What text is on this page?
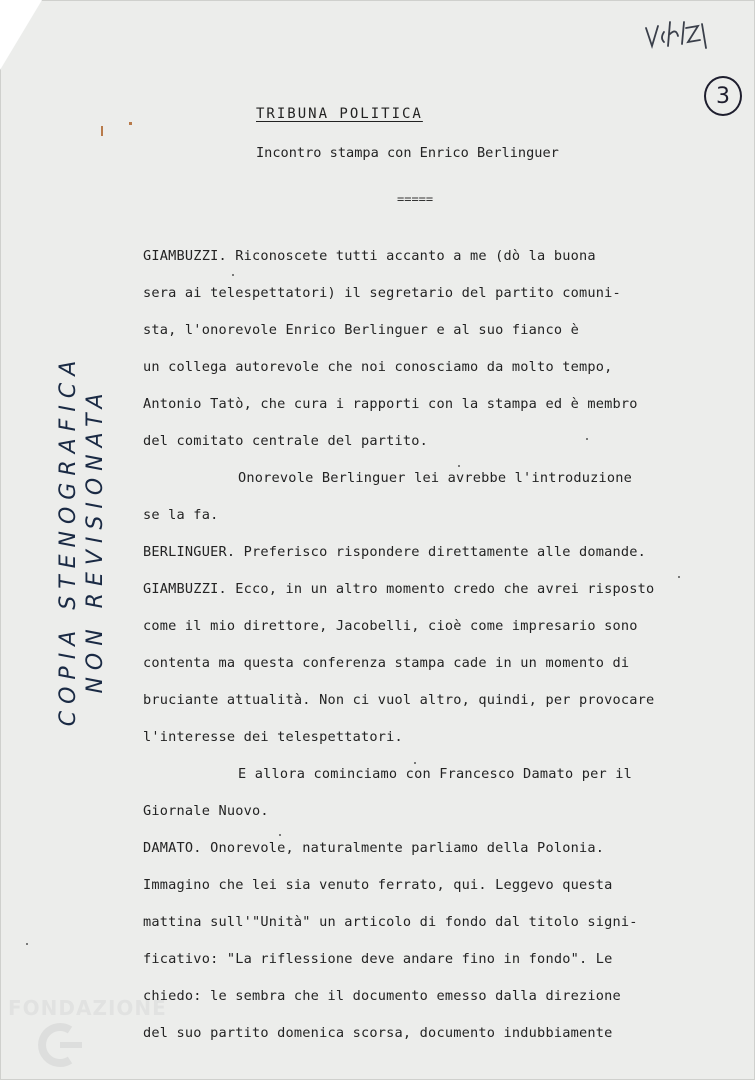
3
TRIBUNA POLITICA
Incontro stampa con Enrico Berlinguer
=====
COPIA STENOGRAFICA NON REVISIONATA
GIAMBUZZI. Riconoscete tutti accanto a me (dò la buona
sera ai telespettatori) il segretario del partito comuni-
sta, l'onorevole Enrico Berlinguer e al suo fianco è
un collega autorevole che noi conosciamo da molto tempo,
Antonio Tatò, che cura i rapporti con la stampa ed è membro
del comitato centrale del partito.
Onorevole Berlinguer lei avrebbe l'introduzione
se la fa.
BERLINGUER. Preferisco rispondere direttamente alle domande.
GIAMBUZZI. Ecco, in un altro momento credo che avrei risposto
come il mio direttore, Jacobelli, cioè come impresario sono
contenta ma questa conferenza stampa cade in un momento di
bruciante attualità. Non ci vuol altro, quindi, per provocare
l'interesse dei telespettatori.
E allora cominciamo con Francesco Damato per il
Giornale Nuovo.
DAMATO. Onorevole, naturalmente parliamo della Polonia.
Immagino che lei sia venuto ferrato, qui. Leggevo questa
mattina sull'"Unità" un articolo di fondo dal titolo signi-
ficativo: "La riflessione deve andare fino in fondo". Le
chiedo: le sembra che il documento emesso dalla direzione
del suo partito domenica scorsa, documento indubbiamente
FONDAZIONE
